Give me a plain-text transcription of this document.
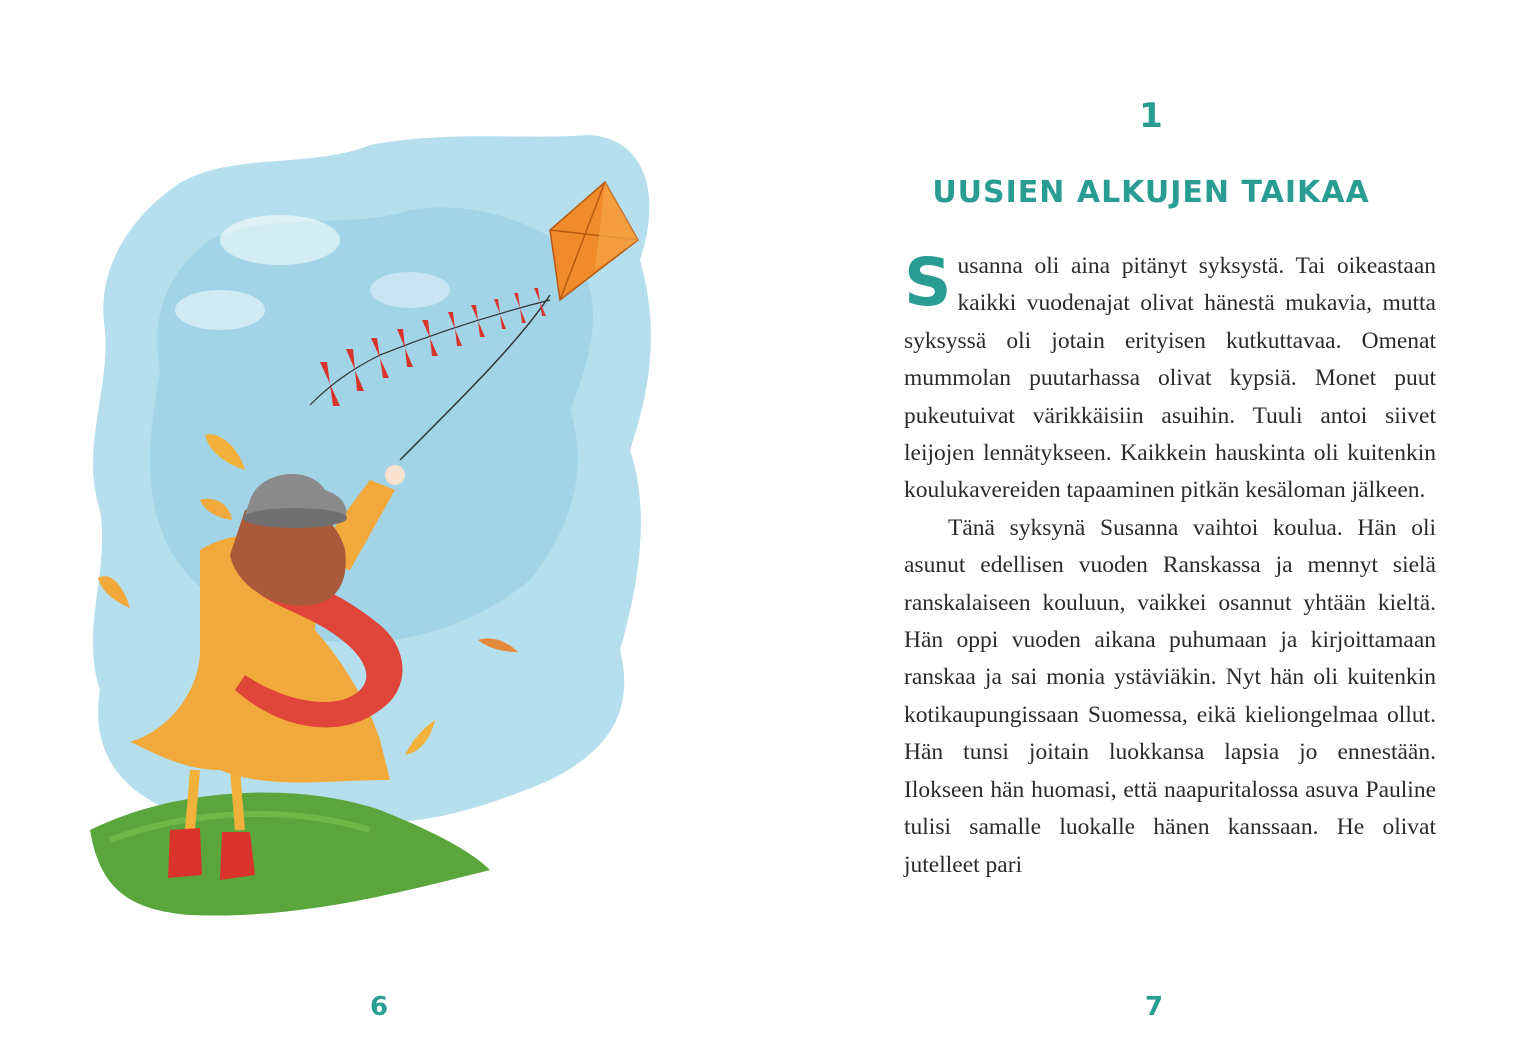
6
1
UUSIEN ALKUJEN TAIKAA

Susanna oli aina pitänyt syksystä. Tai oikeastaan kaikki vuodenajat olivat hänestä mukavia, mutta syksyssä oli jotain erityisen kutkuttavaa. Omenat mummolan puutarhassa olivat kypsiä. Monet puut pukeutuivat värikkäisiin asuihin. Tuuli antoi siivet leijojen lennätykseen. Kaikkein hauskinta oli kuitenkin koulukavereiden tapaaminen pitkän kesäloman jälkeen.

Tänä syksynä Susanna vaihtoi koulua. Hän oli asunut edellisen vuoden Ranskassa ja mennyt sielä ranskalaiseen kouluun, vaikkei osannut yhtään kieltä. Hän oppi vuoden aikana puhumaan ja kirjoittamaan ranskaa ja sai monia ystäviäkin. Nyt hän oli kuitenkin kotikaupungissaan Suomessa, eikä kieliongelmaa ollut. Hän tunsi joitain luokkansa lapsia jo ennestään. Ilokseen hän huomasi, että naapuritalossa asuva Pauline tulisi samalle luokalle hänen kanssaan. He olivat jutelleet pari

7
